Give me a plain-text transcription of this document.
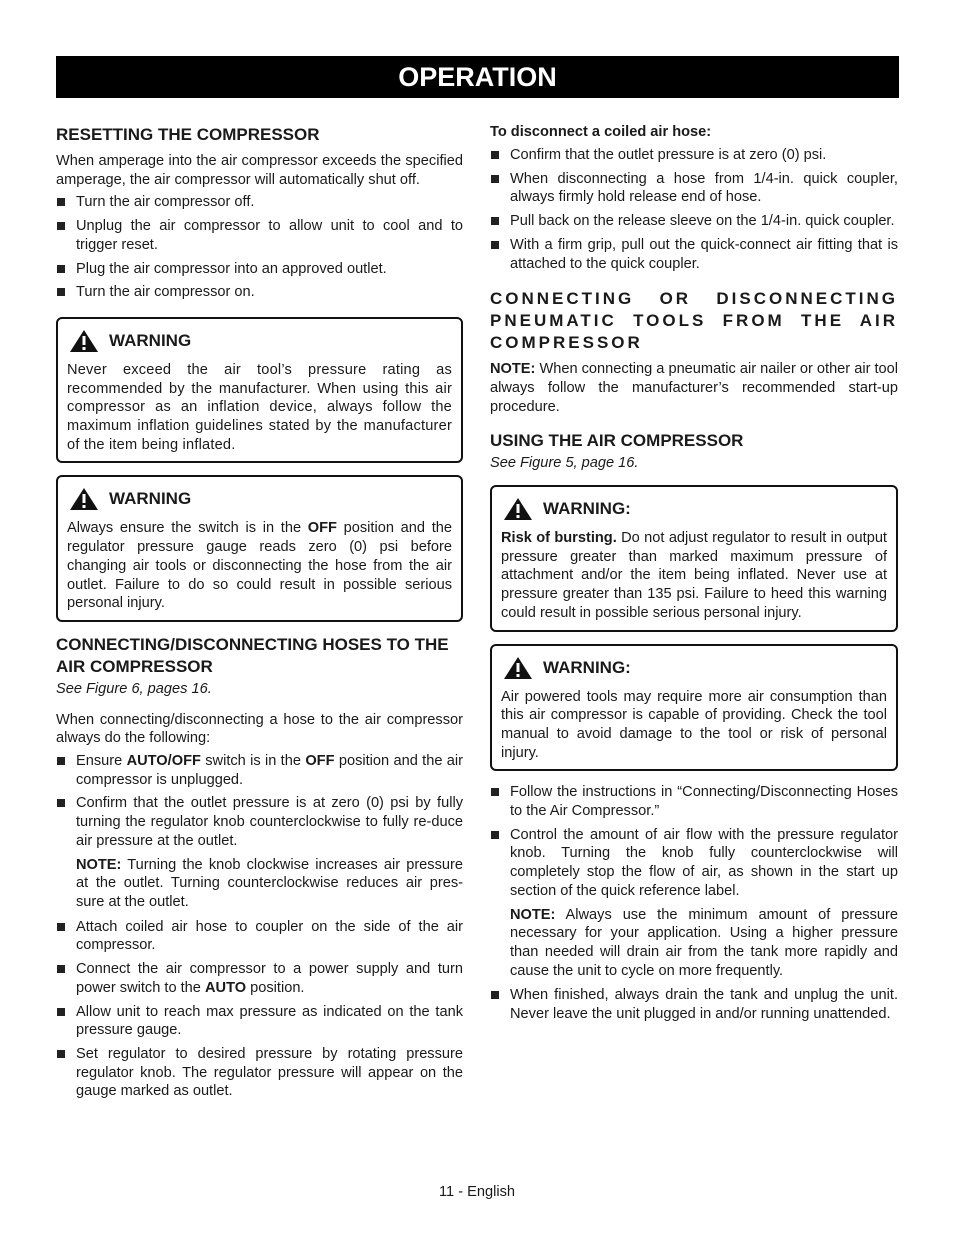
OPERATION
RESETTING THE COMPRESSOR

When amperage into the air compressor exceeds the specified amperage, the air compressor will automatically shut off.

Turn the air compressor off.
Unplug the air compressor to allow unit to cool and to trigger reset.
Plug the air compressor into an approved outlet.
Turn the air compressor on.
WARNING

Never exceed the air tool’s pressure rating as recommended by the manufacturer. When using this air compressor as an inflation device, always follow the maximum inflation guidelines stated by the manufacturer of the item being inflated.

WARNING

Always ensure the switch is in the OFF position and the regulator pressure gauge reads zero (0) psi before changing air tools or disconnecting the hose from the air outlet. Failure to do so could result in possible serious personal injury.

CONNECTING/DISCONNECTING HOSES TO THE AIR COMPRESSOR

See Figure 6, pages 16.

When connecting/disconnecting a hose to the air compressor always do the following:

Ensure AUTO/OFF switch is in the OFF position and the air compressor is unplugged.
Confirm that the outlet pressure is at zero (0) psi by fully turning the regulator knob counterclockwise to fully re-duce air pressure at the outlet.
NOTE: Turning the knob clockwise increases air pressure at the outlet. Turning counterclockwise reduces air pres-sure at the outlet.
Attach coiled air hose to coupler on the side of the air compressor.
Connect the air compressor to a power supply and turn power switch to the AUTO position.
Allow unit to reach max pressure as indicated on the tank pressure gauge.
Set regulator to desired pressure by rotating pressure regulator knob. The regulator pressure will appear on the gauge marked as outlet.
To disconnect a coiled air hose:
Confirm that the outlet pressure is at zero (0) psi.
When disconnecting a hose from 1/4-in. quick coupler, always firmly hold release end of hose.
Pull back on the release sleeve on the 1/4-in. quick coupler.
With a firm grip, pull out the quick-connect air fitting that is attached to the quick coupler.
CONNECTING OR DISCONNECTING PNEUMATIC TOOLS FROM THE AIR COMPRESSOR

NOTE: When connecting a pneumatic air nailer or other air tool always follow the manufacturer’s recommended start-up procedure.

USING THE AIR COMPRESSOR

See Figure 5, page 16.

WARNING:

Risk of bursting. Do not adjust regulator to result in output pressure greater than marked maximum pressure of attachment and/or the item being inflated. Never use at pressure greater than 135 psi. Failure to heed this warning could result in possible serious personal injury.

WARNING:

Air powered tools may require more air consumption than this air compressor is capable of providing. Check the tool manual to avoid damage to the tool or risk of personal injury.

Follow the instructions in “Connecting/Disconnecting Hoses to the Air Compressor.”
Control the amount of air flow with the pressure regulator knob. Turning the knob fully counterclockwise will completely stop the flow of air, as shown in the start up section of the quick reference label.
NOTE: Always use the minimum amount of pressure necessary for your application. Using a higher pressure than needed will drain air from the tank more rapidly and cause the unit to cycle on more frequently.
When finished, always drain the tank and unplug the unit. Never leave the unit plugged in and/or running unattended.
11 - English
